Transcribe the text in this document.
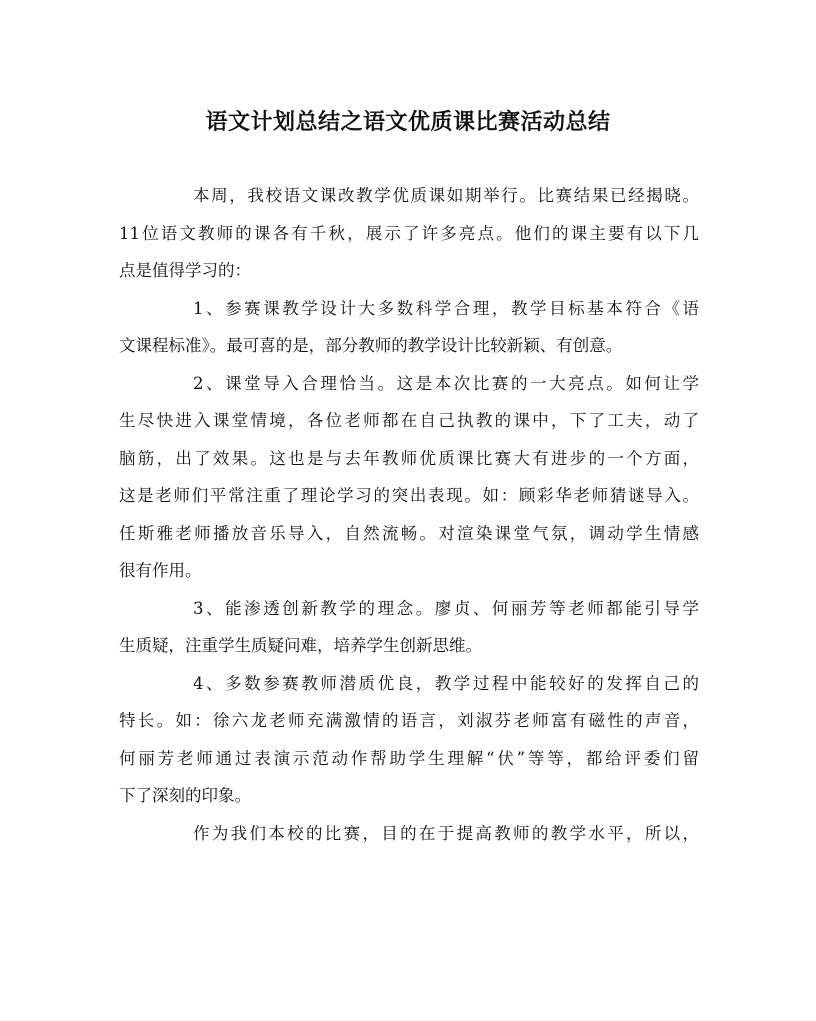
语文计划总结之语文优质课比赛活动总结
本周，我校语文课改教学优质课如期举行。比赛结果已经揭晓。
11位语文教师的课各有千秋，展示了许多亮点。他们的课主要有以下几
点是值得学习的：
1、参赛课教学设计大多数科学合理，教学目标基本符合《语
文课程标准》。最可喜的是，部分教师的教学设计比较新颖、有创意。
2、课堂导入合理恰当。这是本次比赛的一大亮点。如何让学
生尽快进入课堂情境，各位老师都在自己执教的课中，下了工夫，动了
脑筋，出了效果。这也是与去年教师优质课比赛大有进步的一个方面，
这是老师们平常注重了理论学习的突出表现。如：顾彩华老师猜谜导入。
任斯雅老师播放音乐导入，自然流畅。对渲染课堂气氛，调动学生情感
很有作用。
3、能渗透创新教学的理念。廖贞、何丽芳等老师都能引导学
生质疑，注重学生质疑问难，培养学生创新思维。
4、多数参赛教师潜质优良，教学过程中能较好的发挥自己的
特长。如：徐六龙老师充满激情的语言，刘淑芬老师富有磁性的声音，
何丽芳老师通过表演示范动作帮助学生理解“伏”等等，都给评委们留
下了深刻的印象。
作为我们本校的比赛，目的在于提高教师的教学水平，所以，
